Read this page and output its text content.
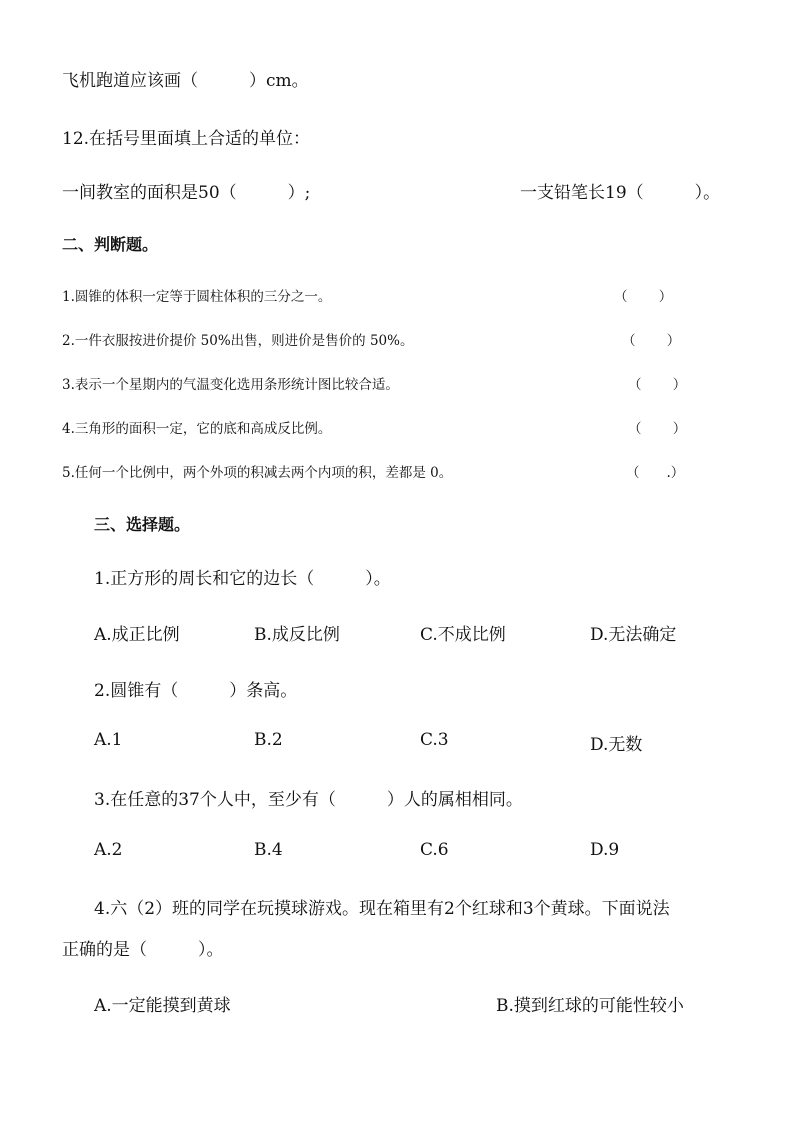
飞机跑道应该画（　　　）cm。
12.在括号里面填上合适的单位：
一间教室的面积是50（　　　）;	一支铅笔长19（　　　）。
二、判断题。
1.圆锥的体积一定等于圆柱体积的三分之一。	（　　 ）
2.一件衣服按进价提价 50%出售，则进价是售价的 50%。	（　　 ）
3.表示一个星期内的气温变化选用条形统计图比较合适。	（　　 ）
4.三角形的面积一定，它的底和高成反比例。	（　　 ）
5.任何一个比例中，两个外项的积减去两个内项的积，差都是 0。	（　　.）
三、选择题。
1.正方形的周长和它的边长（　　　）。
A.成正比例	B.成反比例	C.不成比例	D.无法确定
2.圆锥有（　　　）条高。
A.1	B.2	C.3	D.无数
3.在任意的37个人中，至少有（　　　）人的属相相同。
A.2	B.4	C.6	D.9
4.六（2）班的同学在玩摸球游戏。现在箱里有2个红球和3个黄球。下面说法
正确的是（　　　）。
A.一定能摸到黄球	B.摸到红球的可能性较小
